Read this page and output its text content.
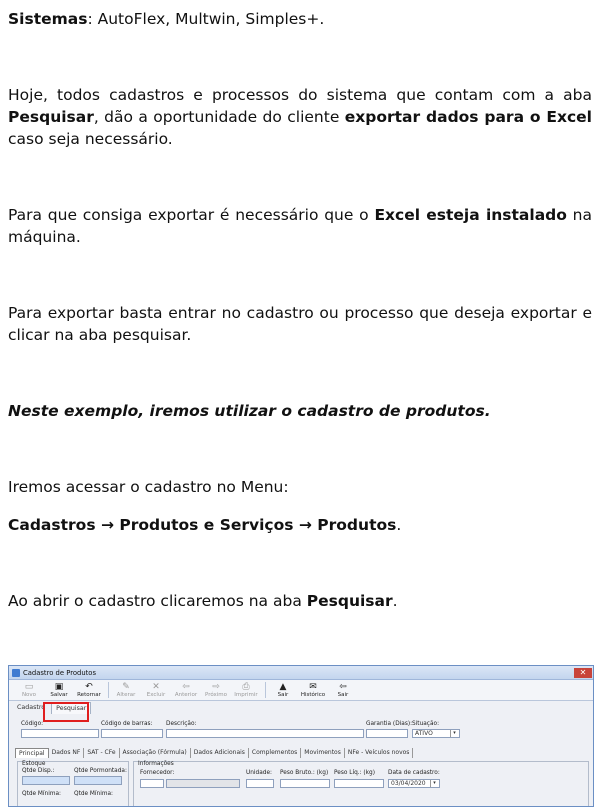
Sistemas: AutoFlex, Multwin, Simples+.

Hoje, todos cadastros e processos do sistema que contam com a aba Pesquisar, dão a oportunidade do cliente exportar dados para o Excel caso seja necessário.

Para que consiga exportar é necessário que o Excel esteja instalado na máquina.

Para exportar basta entrar no cadastro ou processo que deseja exportar e clicar na aba pesquisar.

Neste exemplo, iremos utilizar o cadastro de produtos.

Iremos acessar o cadastro no Menu:

Cadastros → Produtos e Serviços → Produtos.

Ao abrir o cadastro clicaremos na aba Pesquisar.

Cadastro de Produtos	✕
▭
Novo
▣
Salvar
↶
Retornar
✎
Alterar
✕
Excluir
⇦
Anterior
⇨
Próximo
⎙
Imprimir
▲
Sair
✉
Histórico
⇦
Sair
Cadastro	Pesquisar
Código:	Código de barras: Descrição:	Garantia (Dias): Situação:
ATIVO	▾
Principal	Dados NF	SAT - CFe	Associação (Fórmula)	Dados Adicionais	Complementos	Movimentos	NFe - Veículos novos
Estoque
Qtde Disp.:	Qtde Pormontada:
Qtde Mínima: Qtde Mínima:
Informações
Fornecedor:	Unidade: Peso Bruto.: (kg) Peso Líq.: (kg) Data de cadastro:
03/04/2020	▾
